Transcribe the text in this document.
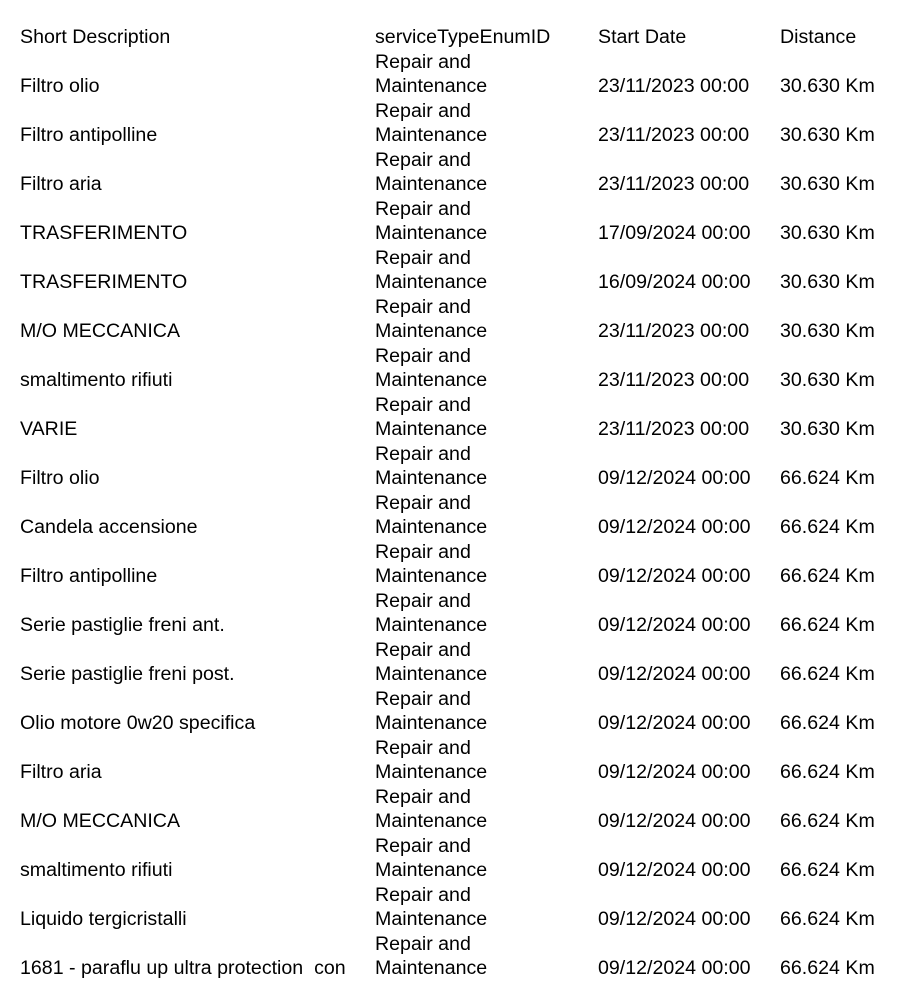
Short Description	serviceTypeEnumID	Start Date	Distance
Filtro olio	Repair and Maintenance	23/11/2023 00:00	30.630 Km
Filtro antipolline	Repair and Maintenance	23/11/2023 00:00	30.630 Km
Filtro aria	Repair and Maintenance	23/11/2023 00:00	30.630 Km
TRASFERIMENTO	Repair and Maintenance	17/09/2024 00:00	30.630 Km
TRASFERIMENTO	Repair and Maintenance	16/09/2024 00:00	30.630 Km
M/O MECCANICA	Repair and Maintenance	23/11/2023 00:00	30.630 Km
smaltimento rifiuti	Repair and Maintenance	23/11/2023 00:00	30.630 Km
VARIE	Repair and Maintenance	23/11/2023 00:00	30.630 Km
Filtro olio	Repair and Maintenance	09/12/2024 00:00	66.624 Km
Candela accensione	Repair and Maintenance	09/12/2024 00:00	66.624 Km
Filtro antipolline	Repair and Maintenance	09/12/2024 00:00	66.624 Km
Serie pastiglie freni ant.	Repair and Maintenance	09/12/2024 00:00	66.624 Km
Serie pastiglie freni post.	Repair and Maintenance	09/12/2024 00:00	66.624 Km
Olio motore 0w20 specifica	Repair and Maintenance	09/12/2024 00:00	66.624 Km
Filtro aria	Repair and Maintenance	09/12/2024 00:00	66.624 Km
M/O MECCANICA	Repair and Maintenance	09/12/2024 00:00	66.624 Km
smaltimento rifiuti	Repair and Maintenance	09/12/2024 00:00	66.624 Km
Liquido tergicristalli	Repair and Maintenance	09/12/2024 00:00	66.624 Km
1681 - paraflu up ultra protection  con	Repair and Maintenance	09/12/2024 00:00	66.624 Km
